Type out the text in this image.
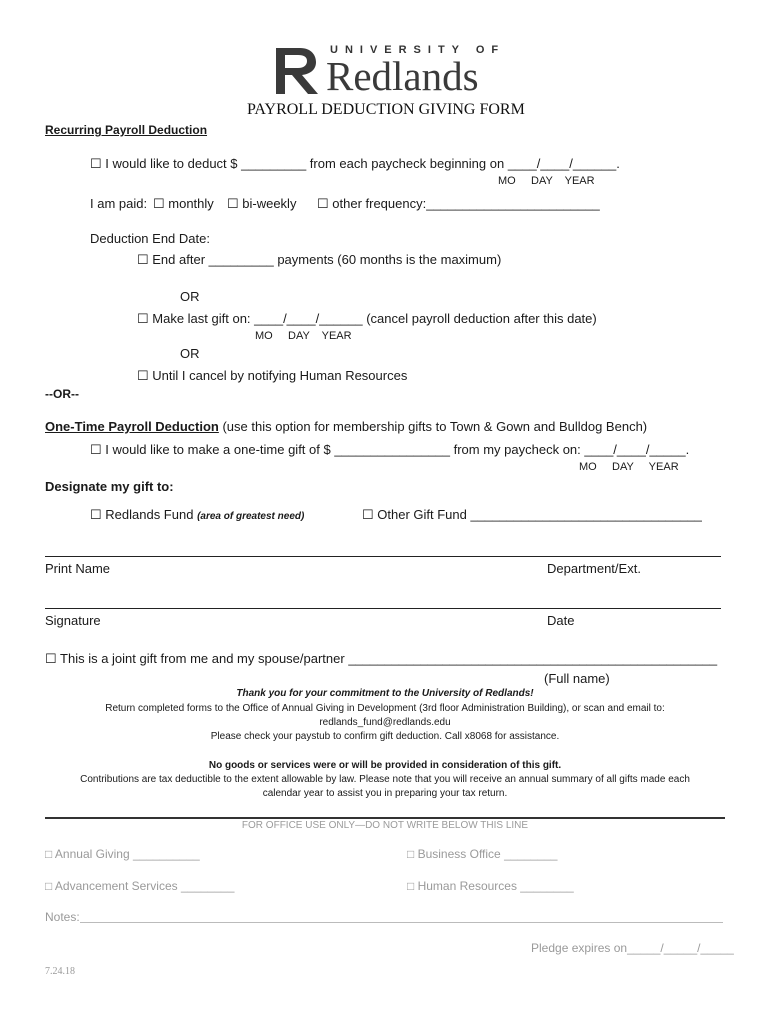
UNIVERSITY OF
Redlands
PAYROLL DEDUCTION GIVING FORM
Recurring Payroll Deduction
☐ I would like to deduct $ _________ from each paycheck beginning on ____/____/______.
MO     DAY    YEAR
I am paid: ☐ monthly ☐ bi-weekly ☐ other frequency:________________________
Deduction End Date:
☐ End after _________ payments (60 months is the maximum)
OR
☐ Make last gift on: ____/____/______ (cancel payroll deduction after this date)
MO     DAY    YEAR
OR
☐ Until I cancel by notifying Human Resources
--OR--
One-Time Payroll Deduction (use this option for membership gifts to Town & Gown and Bulldog Bench)
☐ I would like to make a one-time gift of $ ________________ from my paycheck on: ____/____/_____.
MO     DAY     YEAR
Designate my gift to:
☐ Redlands Fund (area of greatest need)	☐ Other Gift Fund ________________________________
Print Name	Department/Ext.
Signature	Date
☐ This is a joint gift from me and my spouse/partner ___________________________________________________
(Full name)
Thank you for your commitment to the University of Redlands!
Return completed forms to the Office of Annual Giving in Development (3rd floor Administration Building), or scan and email to:
redlands_fund@redlands.edu
Please check your paystub to confirm gift deduction. Call x8068 for assistance.
No goods or services were or will be provided in consideration of this gift.
Contributions are tax deductible to the extent allowable by law. Please note that you will receive an annual summary of all gifts made each
calendar year to assist you in preparing your tax return.
FOR OFFICE USE ONLY—DO NOT WRITE BELOW THIS LINE
□ Annual Giving __________	□ Business Office ________
□ Advancement Services ________	□ Human Resources ________
Notes:
Pledge expires on_____/_____/_____
7.24.18
